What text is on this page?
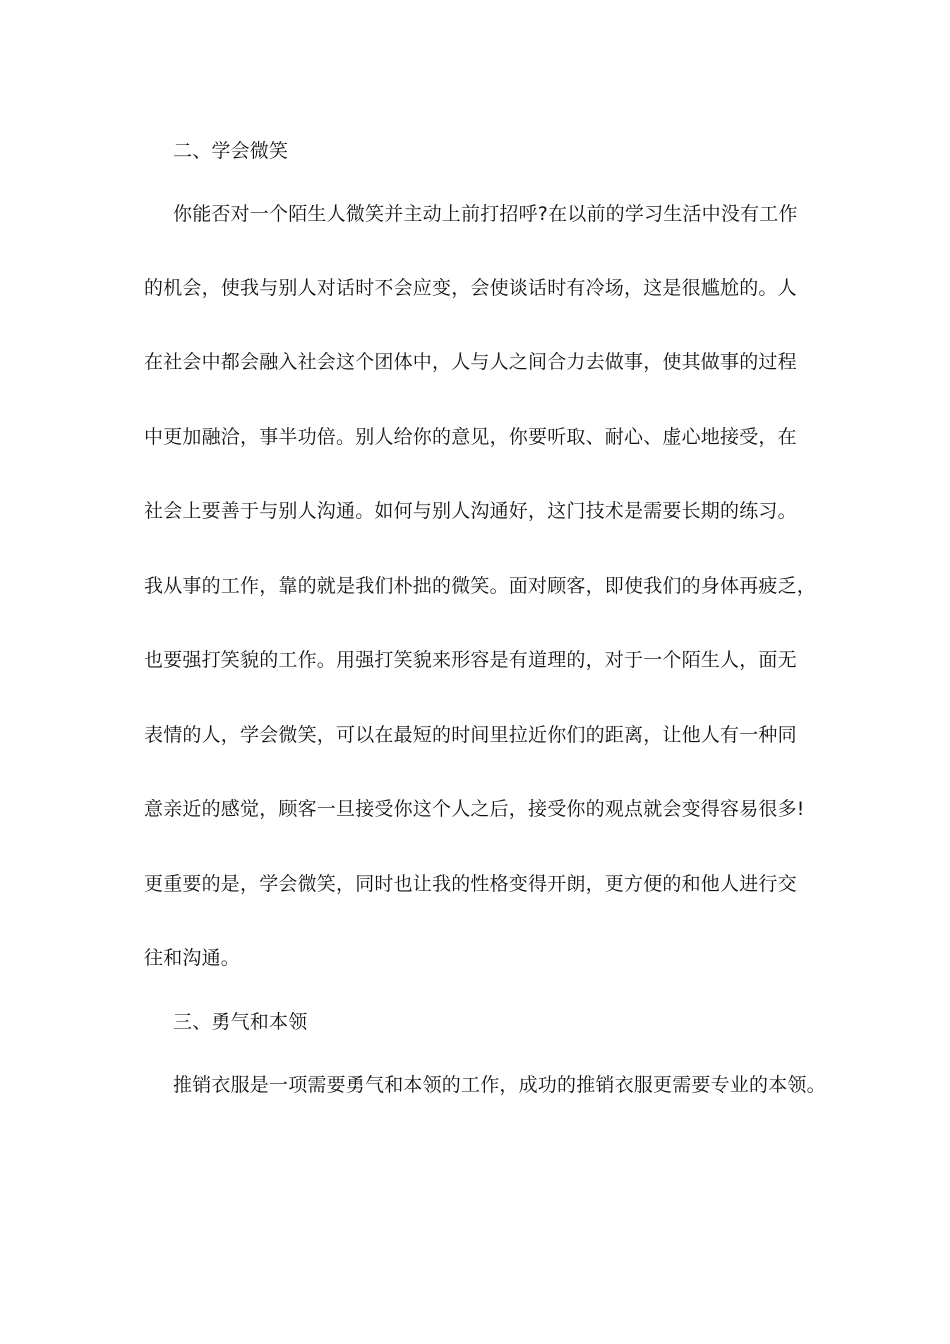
二、学会微笑
你能否对一个陌生人微笑并主动上前打招呼?在以前的学习生活中没有工作
的机会，使我与别人对话时不会应变，会使谈话时有冷场，这是很尴尬的。人
在社会中都会融入社会这个团体中，人与人之间合力去做事，使其做事的过程
中更加融洽，事半功倍。别人给你的意见，你要听取、耐心、虚心地接受，在
社会上要善于与别人沟通。如何与别人沟通好，这门技术是需要长期的练习。
我从事的工作，靠的就是我们朴拙的微笑。面对顾客，即使我们的身体再疲乏，
也要强打笑貌的工作。用强打笑貌来形容是有道理的，对于一个陌生人，面无
表情的人，学会微笑，可以在最短的时间里拉近你们的距离，让他人有一种同
意亲近的感觉，顾客一旦接受你这个人之后，接受你的观点就会变得容易很多!
更重要的是，学会微笑，同时也让我的性格变得开朗，更方便的和他人进行交
往和沟通。
三、勇气和本领
推销衣服是一项需要勇气和本领的工作，成功的推销衣服更需要专业的本领。
